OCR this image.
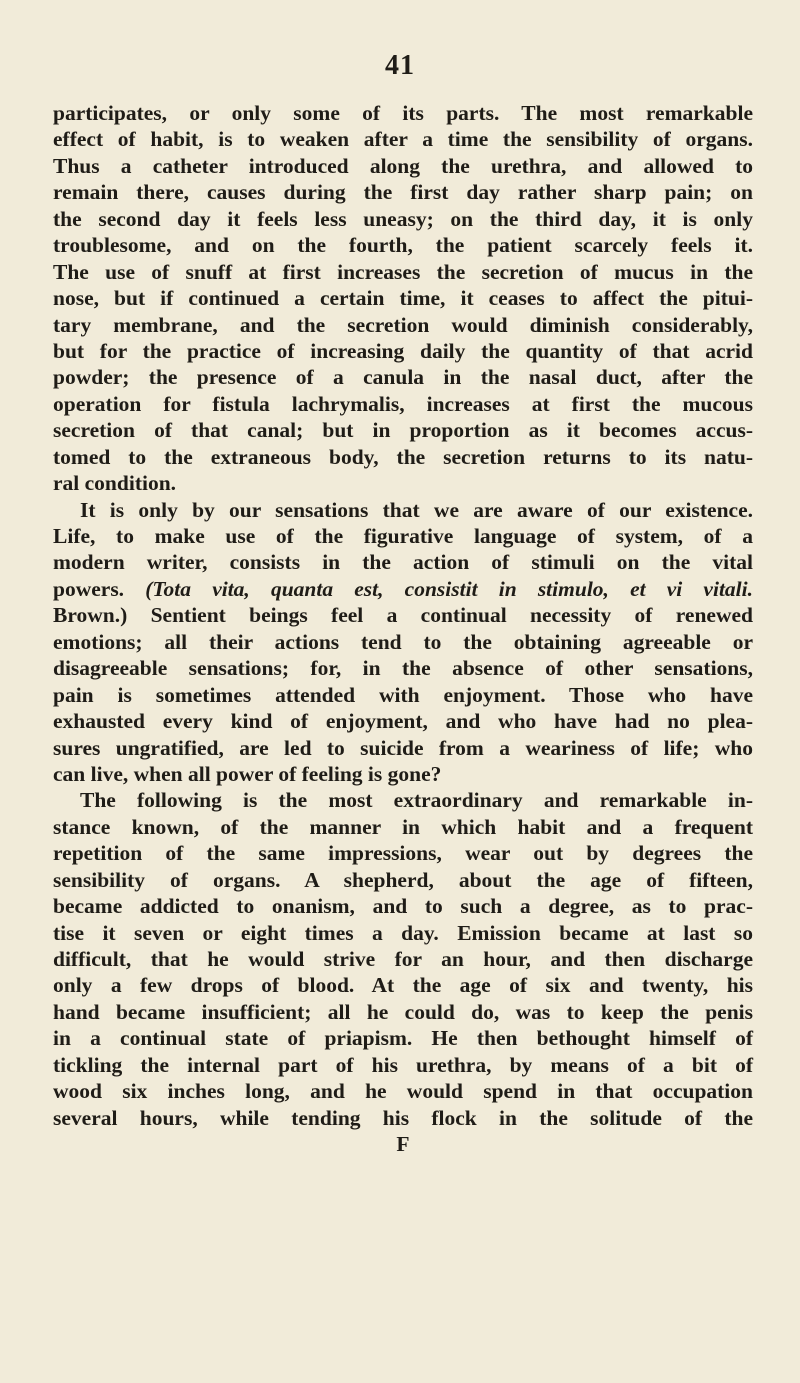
41
participates, or only some of its parts. The most remarkable
effect of habit, is to weaken after a time the sensibility of organs.
Thus a catheter introduced along the urethra, and allowed to
remain there, causes during the first day rather sharp pain; on
the second day it feels less uneasy; on the third day, it is only
troublesome, and on the fourth, the patient scarcely feels it.
The use of snuff at first increases the secretion of mucus in the
nose, but if continued a certain time, it ceases to affect the pitui-
tary membrane, and the secretion would diminish considerably,
but for the practice of increasing daily the quantity of that acrid
powder; the presence of a canula in the nasal duct, after the
operation for fistula lachrymalis, increases at first the mucous
secretion of that canal; but in proportion as it becomes accus-
tomed to the extraneous body, the secretion returns to its natu-
ral condition.
It is only by our sensations that we are aware of our existence.
Life, to make use of the figurative language of system, of a
modern writer, consists in the action of stimuli on the vital
powers. (Tota vita, quanta est, consistit in stimulo, et vi vitali.
Brown.) Sentient beings feel a continual necessity of renewed
emotions; all their actions tend to the obtaining agreeable or
disagreeable sensations; for, in the absence of other sensations,
pain is sometimes attended with enjoyment. Those who have
exhausted every kind of enjoyment, and who have had no plea-
sures ungratified, are led to suicide from a weariness of life; who
can live, when all power of feeling is gone?
The following is the most extraordinary and remarkable in-
stance known, of the manner in which habit and a frequent
repetition of the same impressions, wear out by degrees the
sensibility of organs. A shepherd, about the age of fifteen,
became addicted to onanism, and to such a degree, as to prac-
tise it seven or eight times a day. Emission became at last so
difficult, that he would strive for an hour, and then discharge
only a few drops of blood. At the age of six and twenty, his
hand became insufficient; all he could do, was to keep the penis
in a continual state of priapism. He then bethought himself of
tickling the internal part of his urethra, by means of a bit of
wood six inches long, and he would spend in that occupation
several hours, while tending his flock in the solitude of the
F
